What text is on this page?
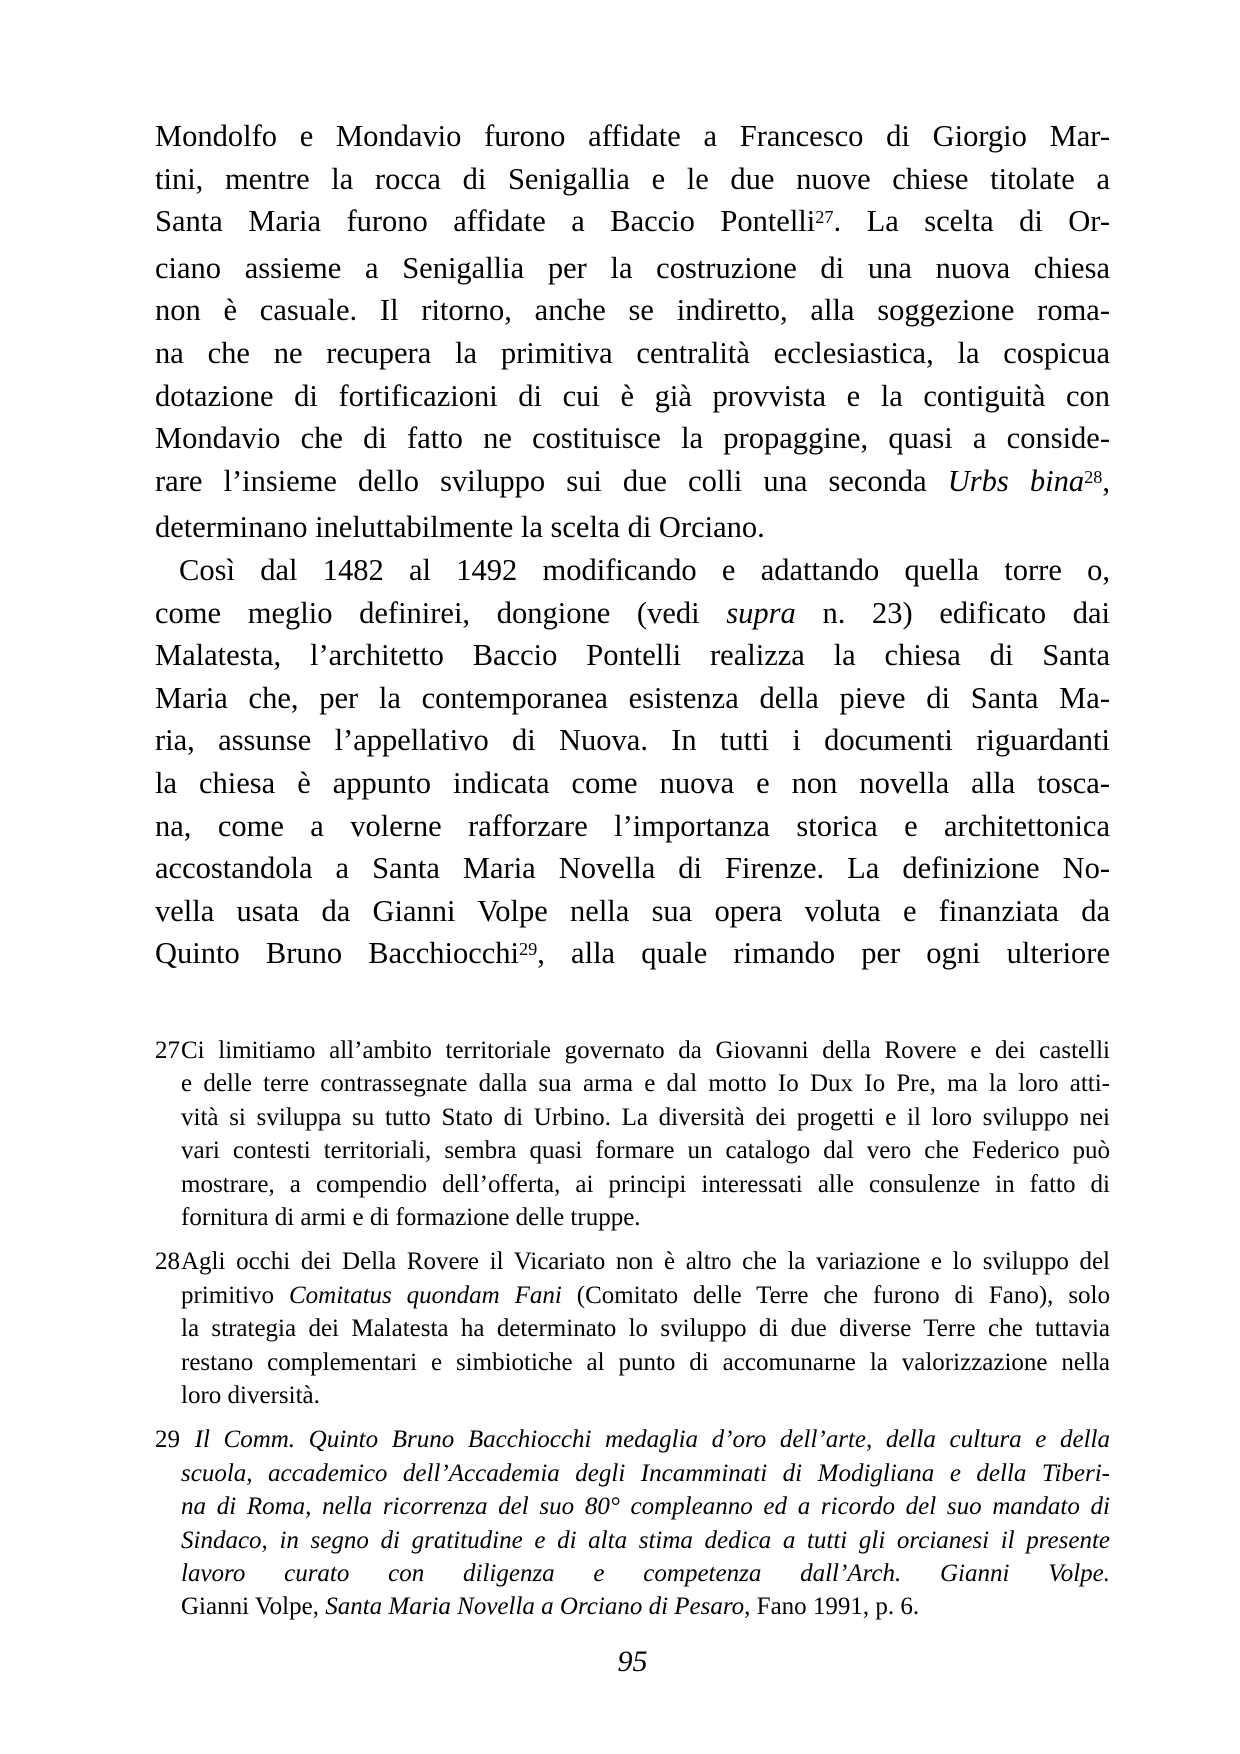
Mondolfo e Mondavio furono affidate a Francesco di Giorgio Mar-
tini, mentre la rocca di Senigallia e le due nuove chiese titolate a
Santa Maria furono affidate a Baccio Pontelli$^{27}$. La scelta di Or-
ciano assieme a Senigallia per la costruzione di una nuova chiesa
non è casuale. Il ritorno, anche se indiretto, alla soggezione roma-
na che ne recupera la primitiva centralità ecclesiastica, la cospicua
dotazione di fortificazioni di cui è già provvista e la contiguità con
Mondavio che di fatto ne costituisce la propaggine, quasi a conside-
rare l’insieme dello sviluppo sui due colli una seconda Urbs bina$^{28}$,
determinano ineluttabilmente la scelta di Orciano.
Così dal 1482 al 1492 modificando e adattando quella torre o,
come meglio definirei, dongione (vedi supra n. 23) edificato dai
Malatesta, l’architetto Baccio Pontelli realizza la chiesa di Santa
Maria che, per la contemporanea esistenza della pieve di Santa Ma-
ria, assunse l’appellativo di Nuova. In tutti i documenti riguardanti
la chiesa è appunto indicata come nuova e non novella alla tosca-
na, come a volerne rafforzare l’importanza storica e architettonica
accostandola a Santa Maria Novella di Firenze. La definizione No-
vella usata da Gianni Volpe nella sua opera voluta e finanziata da
Quinto Bruno Bacchiocchi$^{29}$, alla quale rimando per ogni ulteriore
27 Ci limitiamo all’ambito territoriale governato da Giovanni della Rovere e dei castelli
e delle terre contrassegnate dalla sua arma e dal motto Io Dux Io Pre, ma la loro atti-
vità si sviluppa su tutto Stato di Urbino. La diversità dei progetti e il loro sviluppo nei
vari contesti territoriali, sembra quasi formare un catalogo dal vero che Federico può
mostrare, a compendio dell’offerta, ai principi interessati alle consulenze in fatto di
fornitura di armi e di formazione delle truppe.
28 Agli occhi dei Della Rovere il Vicariato non è altro che la variazione e lo sviluppo del
primitivo Comitatus quondam Fani (Comitato delle Terre che furono di Fano), solo
la strategia dei Malatesta ha determinato lo sviluppo di due diverse Terre che tuttavia
restano complementari e simbiotiche al punto di accomunarne la valorizzazione nella
loro diversità.
29 Il Comm. Quinto Bruno Bacchiocchi medaglia d’oro dell’arte, della cultura e della
scuola, accademico dell’Accademia degli Incamminati di Modigliana e della Tiberi-
na di Roma, nella ricorrenza del suo 80° compleanno ed a ricordo del suo mandato di
Sindaco, in segno di gratitudine e di alta stima dedica a tutti gli orcianesi il presente
lavoro curato con diligenza e competenza dall’Arch. Gianni Volpe.
Gianni Volpe, Santa Maria Novella a Orciano di Pesaro, Fano 1991, p. 6.
95
